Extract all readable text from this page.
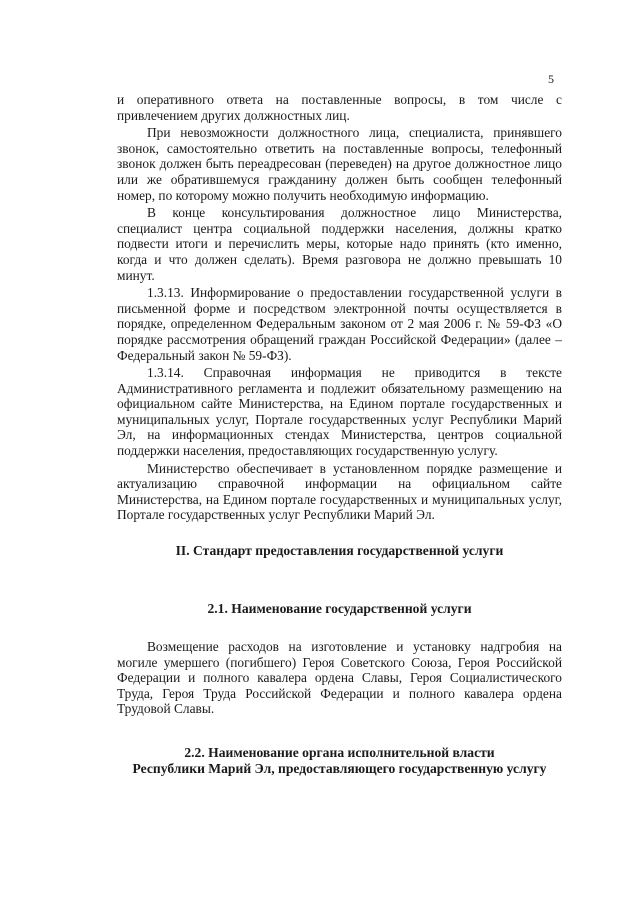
5

и оперативного ответа на поставленные вопросы, в том числе с привлечением других должностных лиц.

При невозможности должностного лица, специалиста, принявшего звонок, самостоятельно ответить на поставленные вопросы, телефонный звонок должен быть переадресован (переведен) на другое должностное лицо или же обратившемуся гражданину должен быть сообщен телефонный номер, по которому можно получить необходимую информацию.

В конце консультирования должностное лицо Министерства, специалист центра социальной поддержки населения, должны кратко подвести итоги и перечислить меры, которые надо принять (кто именно, когда и что должен сделать). Время разговора не должно превышать 10 минут.

1.3.13. Информирование о предоставлении государственной услуги в письменной форме и посредством электронной почты осуществляется в порядке, определенном Федеральным законом от 2 мая 2006 г. № 59-ФЗ «О порядке рассмотрения обращений граждан Российской Федерации» (далее – Федеральный закон № 59-ФЗ).

1.3.14. Справочная информация не приводится в тексте Административного регламента и подлежит обязательному размещению на официальном сайте Министерства, на Едином портале государственных и муниципальных услуг, Портале государственных услуг Республики Марий Эл, на информационных стендах Министерства, центров социальной поддержки населения, предоставляющих государственную услугу.

Министерство обеспечивает в установленном порядке размещение и актуализацию справочной информации на официальном сайте Министерства, на Едином портале государственных и муниципальных услуг, Портале государственных услуг Республики Марий Эл.

II. Стандарт предоставления государственной услуги
2.1. Наименование государственной услуги

Возмещение расходов на изготовление и установку надгробия на могиле умершего (погибшего) Героя Советского Союза, Героя Российской Федерации и полного кавалера ордена Славы, Героя Социалистического Труда, Героя Труда Российской Федерации и полного кавалера ордена Трудовой Славы.

2.2. Наименование органа исполнительной власти
Республики Марий Эл, предоставляющего государственную услугу
